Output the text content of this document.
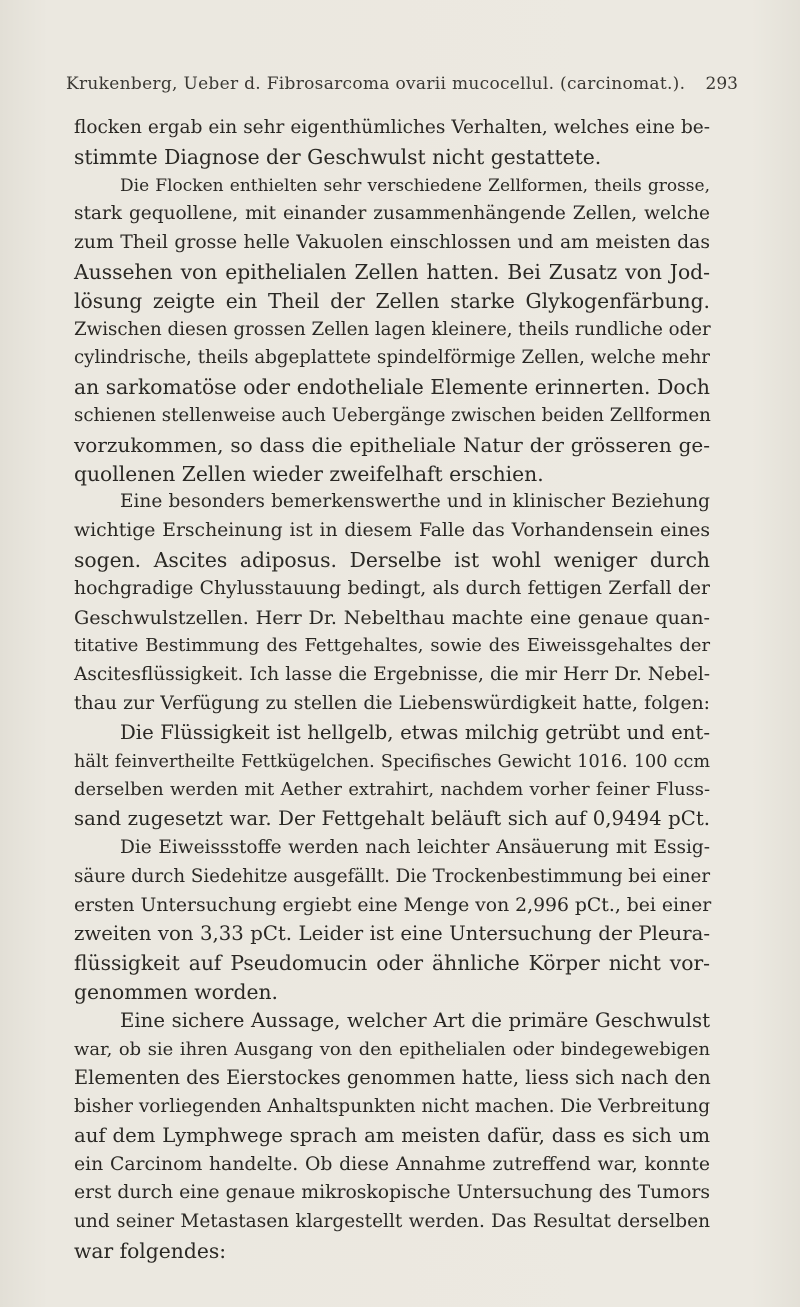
Krukenberg, Ueber d. Fibrosarcoma ovarii mucocellul. (carcinomat.). 293
flocken ergab ein sehr eigenthümliches Verhalten, welches eine be-
stimmte Diagnose der Geschwulst nicht gestattete.
Die Flocken enthielten sehr verschiedene Zellformen, theils grosse,
stark gequollene, mit einander zusammenhängende Zellen, welche
zum Theil grosse helle Vakuolen einschlossen und am meisten das
Aussehen von epithelialen Zellen hatten. Bei Zusatz von Jod-
lösung zeigte ein Theil der Zellen starke Glykogenfärbung.
Zwischen diesen grossen Zellen lagen kleinere, theils rundliche oder
cylindrische, theils abgeplattete spindelförmige Zellen, welche mehr
an sarkomatöse oder endotheliale Elemente erinnerten. Doch
schienen stellenweise auch Uebergänge zwischen beiden Zellformen
vorzukommen, so dass die epitheliale Natur der grösseren ge-
quollenen Zellen wieder zweifelhaft erschien.
Eine besonders bemerkenswerthe und in klinischer Beziehung
wichtige Erscheinung ist in diesem Falle das Vorhandensein eines
sogen. Ascites adiposus. Derselbe ist wohl weniger durch
hochgradige Chylusstauung bedingt, als durch fettigen Zerfall der
Geschwulstzellen. Herr Dr. Nebelthau machte eine genaue quan-
titative Bestimmung des Fettgehaltes, sowie des Eiweissgehaltes der
Ascitesflüssigkeit. Ich lasse die Ergebnisse, die mir Herr Dr. Nebel-
thau zur Verfügung zu stellen die Liebenswürdigkeit hatte, folgen:
Die Flüssigkeit ist hellgelb, etwas milchig getrübt und ent-
hält feinvertheilte Fettkügelchen. Specifisches Gewicht 1016. 100 ccm
derselben werden mit Aether extrahirt, nachdem vorher feiner Fluss-
sand zugesetzt war. Der Fettgehalt beläuft sich auf 0,9494 pCt.
Die Eiweissstoffe werden nach leichter Ansäuerung mit Essig-
säure durch Siedehitze ausgefällt. Die Trockenbestimmung bei einer
ersten Untersuchung ergiebt eine Menge von 2,996 pCt., bei einer
zweiten von 3,33 pCt. Leider ist eine Untersuchung der Pleura-
flüssigkeit auf Pseudomucin oder ähnliche Körper nicht vor-
genommen worden.
Eine sichere Aussage, welcher Art die primäre Geschwulst
war, ob sie ihren Ausgang von den epithelialen oder bindegewebigen
Elementen des Eierstockes genommen hatte, liess sich nach den
bisher vorliegenden Anhaltspunkten nicht machen. Die Verbreitung
auf dem Lymphwege sprach am meisten dafür, dass es sich um
ein Carcinom handelte. Ob diese Annahme zutreffend war, konnte
erst durch eine genaue mikroskopische Untersuchung des Tumors
und seiner Metastasen klargestellt werden. Das Resultat derselben
war folgendes:
